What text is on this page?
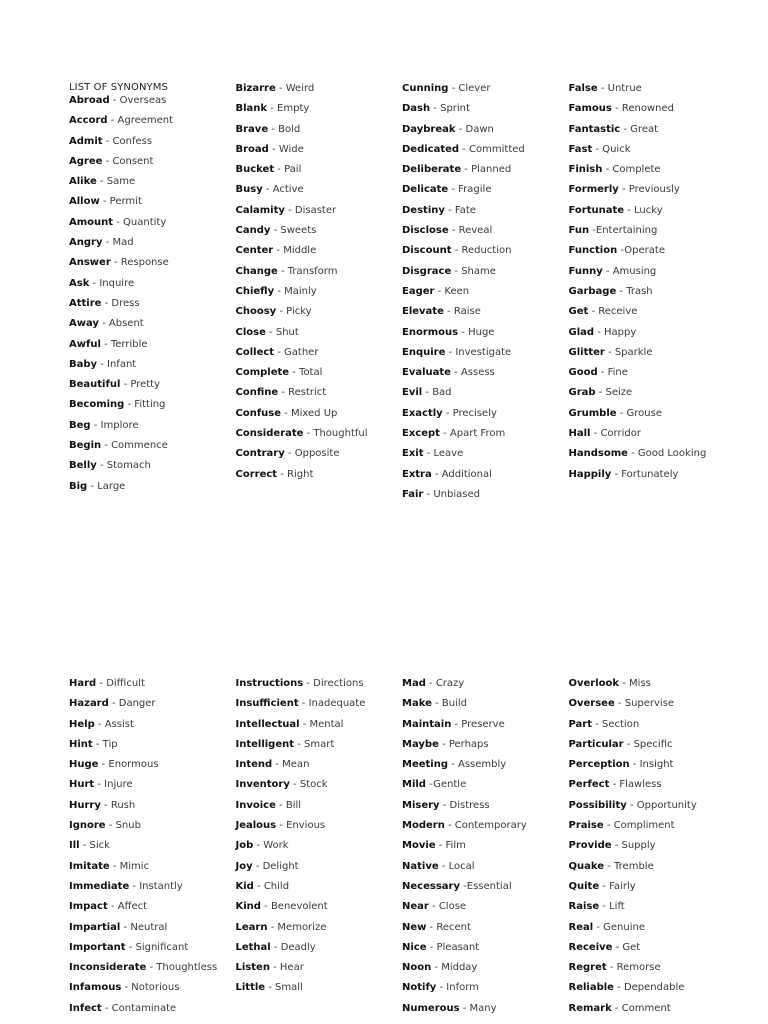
LIST OF SYNONYMS
Abroad - Overseas
Accord - Agreement
Admit - Confess
Agree - Consent
Alike - Same
Allow - Permit
Amount - Quantity
Angry - Mad
Answer - Response
Ask - Inquire
Attire - Dress
Away - Absent
Awful - Terrible
Baby - Infant
Beautiful - Pretty
Becoming - Fitting
Beg - Implore
Begin - Commence
Belly - Stomach
Big - Large
Bizarre - Weird
Blank - Empty
Brave - Bold
Broad - Wide
Bucket - Pail
Busy - Active
Calamity - Disaster
Candy - Sweets
Center - Middle
Change - Transform
Chiefly - Mainly
Choosy - Picky
Close - Shut
Collect - Gather
Complete - Total
Confine - Restrict
Confuse - Mixed Up
Considerate - Thoughtful
Contrary - Opposite
Correct - Right
Cunning - Clever
Dash - Sprint
Daybreak - Dawn
Dedicated - Committed
Deliberate - Planned
Delicate - Fragile
Destiny - Fate
Disclose - Reveal
Discount - Reduction
Disgrace - Shame
Eager - Keen
Elevate - Raise
Enormous - Huge
Enquire - Investigate
Evaluate - Assess
Evil - Bad
Exactly - Precisely
Except - Apart From
Exit - Leave
Extra - Additional
Fair - Unbiased
False - Untrue
Famous - Renowned
Fantastic - Great
Fast - Quick
Finish - Complete
Formerly - Previously
Fortunate - Lucky
Fun -Entertaining
Function -Operate
Funny - Amusing
Garbage - Trash
Get - Receive
Glad - Happy
Glitter - Sparkle
Good - Fine
Grab - Seize
Grumble - Grouse
Hall - Corridor
Handsome - Good Looking
Happily - Fortunately
Hard - Difficult
Hazard - Danger
Help - Assist
Hint - Tip
Huge - Enormous
Hurt - Injure
Hurry - Rush
Ignore - Snub
Ill - Sick
Imitate - Mimic
Immediate - Instantly
Impact - Affect
Impartial - Neutral
Important - Significant
Inconsiderate - Thoughtless
Infamous - Notorious
Infect - Contaminate
Instructions - Directions
Insufficient - Inadequate
Intellectual - Mental
Intelligent - Smart
Intend - Mean
Inventory - Stock
Invoice - Bill
Jealous - Envious
Job - Work
Joy - Delight
Kid - Child
Kind - Benevolent
Learn - Memorize
Lethal - Deadly
Listen - Hear
Little - Small
Mad - Crazy
Make - Build
Maintain - Preserve
Maybe - Perhaps
Meeting - Assembly
Mild -Gentle
Misery - Distress
Modern - Contemporary
Movie - Film
Native - Local
Necessary -Essential
Near - Close
New - Recent
Nice - Pleasant
Noon - Midday
Notify - Inform
Numerous - Many
Overlook - Miss
Oversee - Supervise
Part - Section
Particular - Specific
Perception - Insight
Perfect - Flawless
Possibility - Opportunity
Praise - Compliment
Provide - Supply
Quake - Tremble
Quite - Fairly
Raise - Lift
Real - Genuine
Receive - Get
Regret - Remorse
Reliable - Dependable
Remark - Comment
